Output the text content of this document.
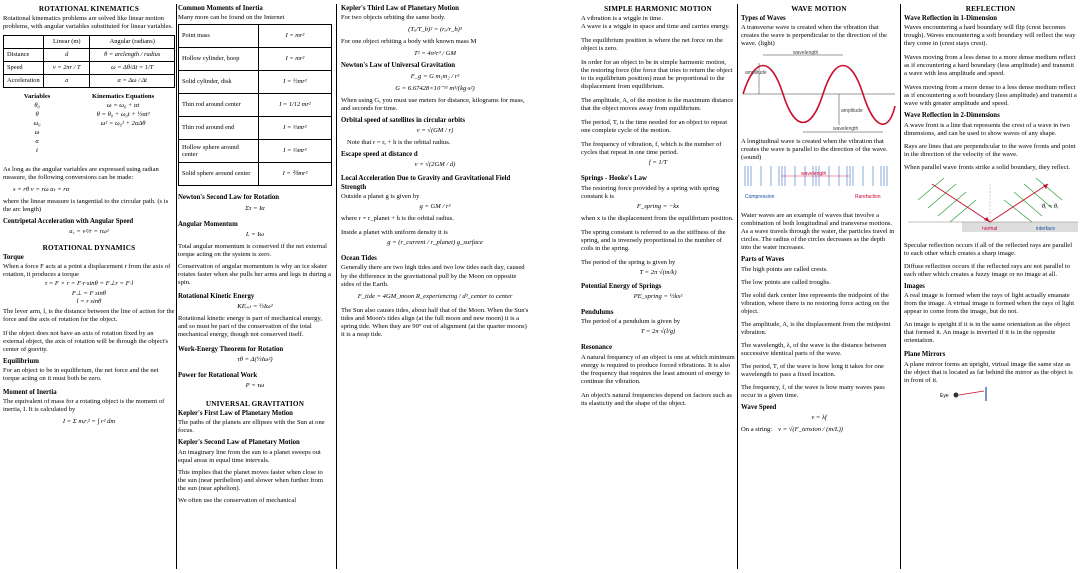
ROTATIONAL KINEMATICS

Rotational kinematics problems are solved like linear motion problems, with angular variables substituted for linear variables.

	Linear (m)	Angular (radians)
Distance	d	θ = arclength / radius
Speed	v = 2πr / T	ω = Δθ/Δt = 1/T
Acceleration	a	α = Δω / Δt
Variables
θ₀
θ
ω₀
ω
α
t
Kinematics Equations
ω = ω₀ + αt
θ = θ₀ + ω₀t + ½αt²
ω² = ω₀² + 2αΔθ

As long as the angular variables are expressed using radian measure, the following conversions can be made:

s = rθ v = rω aₜ = rα

where the linear measure is tangential to the circular path. (s is the arc length)

Centripetal Acceleration with Angular Speed
a꜀ = v²/r = rω²
ROTATIONAL DYNAMICS
Torque

When a force F acts at a point a displacement r from the axis of rotation, it produces a torque

τ = F × r = F·r·sinθ = F⊥r = F·l
F⊥ = F sinθ
l = r sinθ

The lever arm, l, is the distance between the line of action for the force and the axis of rotation for the object.

If the object does not have an axis of rotation fixed by an external object, the axis of rotation will be through the object's center of gravity.

Equilibrium

For an object to be in equilibrium, the net force and the net torque acting on it must both be zero.

Moment of Inertia

The equivalent of mass for a rotating object is the moment of inertia, I. It is calculated by

I = Σ mᵢrᵢ² = ∫ r² dm
Common Moments of Inertia
Many more can be found on the Internet
Point mass	I = mr²
Hollow cylinder, hoop	I = mr²
Solid cylinder, disk	I = ½mr²
Thin rod around center	I = 1/12 mr²
Thin rod around end	I = ⅓mr²
Hollow sphere around center	I = ⅔mr²
Solid sphere around center	I = ⅖mr²
Newton's Second Law for Rotation
Στ = Iα
Angular Momentum
L = Iω

Total angular momentum is conserved if the net external torque acting on the system is zero.

Conservation of angular momentum is why an ice skater rotates faster when she pulls her arms and legs in during a spin.

Rotational Kinetic Energy
KEᵣₒₜ = ½Iω²

Rotational kinetic energy is part of mechanical energy, and so must be part of the conservation of the total mechanical energy, though not conserved itself.

Work-Energy Theorem for Rotation
τθ = Δ(½Iω²)
Power for Rotational Work
P = τω
UNIVERSAL GRAVITATION
Kepler's First Law of Planetary Motion

The paths of the planets are ellipses with the Sun at one focus.

Kepler's Second Law of Planetary Motion

An imaginary line from the sun to a planet sweeps out equal areas in equal time intervals.

This implies that the planet moves faster when close to the sun (near perihelion) and slower when further from the sun (near aphelion).

We often use the conservation of mechanical

Kepler's Third Law of Planetary Motion

For two objects orbiting the same body.

(Tₐ/T_b)² = (rₐ/r_b)³

For one object orbiting a body with known mass M

T² = 4π²r³ / GM
Newton's Law of Universal Gravitation
F_g = G m₁m₂ / r²
G = 6.67428×10⁻¹¹ m³/(kg·s²)

When using G, you must use meters for distance, kilograms for mass, and seconds for time.

Orbital speed of satellites in circular orbits
v = √(GM / r)
Note that r = rₑ + h is the orbital radius.
Escape speed at distance d
v = √(2GM / d)
Local Acceleration Due to Gravity and Gravitational Field Strength

Outside a planet g is given by

g = GM / r²

where r = r_planet + h is the orbital radius.

Inside a planet with uniform density it is

g = (r_current / r_planet) g_surface
Ocean Tides

Generally there are two high tides and two low tides each day, caused by the difference in the gravitational pull by the Moon on opposite sides of the Earth.

F_tide = 4GM_moon R_experiencing / d³_center to center

The Sun also causes tides, about half that of the Moon. When the Sun's tides and Moon's tides align (at the full moon and new moon) it is a spring tide. When they are 90° out of alignment (at the quarter moons) it is a neap tide.

SIMPLE HARMONIC MOTION

A vibration is a wiggle in time.

A wave is a wiggle in space and time and carries energy.

The equilibrium position is where the net force on the object is zero.

In order for an object to be in simple harmonic motion, the restoring force (the force that tries to return the object to its equilibrium position) must be proportional to the displacement from equilibrium.

The amplitude, A, of the motion is the maximum distance that the object moves away from equilibrium.

The period, T, is the time needed for an object to repeat one complete cycle of the motion.

The frequency of vibration, f, which is the number of cycles that repeat in one time period.

f = 1/T
Springs - Hooke's Law

The restoring force provided by a spring with spring constant k is

F_spring = −kx

when x is the displacement from the equilibrium position.

The spring constant is referred to as the stiffness of the spring, and is inversely proportional to the number of coils in the spring.

The period of the spring is given by

T = 2π √(m/k)
Potential Energy of Springs
PE_spring = ½kx²
Pendulums

The period of a pendulum is given by

T = 2π √(l/g)
Resonance

A natural frequency of an object is one at which minimum energy is required to produce forced vibrations. It is also the frequency that requires the least amount of energy to continue the vibration.

An object's natural frequencies depend on factors such as its elasticity and the shape of the object.

WAVE MOTION
Types of Waves

A transverse wave is created when the vibration that creates the wave is perpendicular to the direction of the wave. (light)

wavelength
amplitude
amplitude
wavelength

A longitudinal wave is created when the vibration that creates the wave is parallel to the direction of the wave. (sound)

wavelength
Compression	Rarefaction

Water waves are an example of waves that involve a combination of both longitudinal and transverse motions. As a wave travels through the water, the particles travel in circles. The radius of the circles decreases as the depth into the water increases.

Parts of Waves

The high points are called crests.

The low points are called troughs.

The solid dark center line represents the midpoint of the vibration, where there is no restoring force acting on the object.

The amplitude, A, is the displacement from the midpoint vibration.

The wavelength, λ, of the wave is the distance between successive identical parts of the wave.

The period, T, of the wave is how long it takes for one wavelength to pass a fixed location.

The frequency, f, of the wave is how many waves pass occur in a given time.

Wave Speed
v = λf
On a string: v = √(F_tension / (m/L))
REFLECTION
Wave Reflection in 1-Dimension

Waves encountering a hard boundary will flip (crest becomes trough). Waves encountering a soft boundary will reflect the way they come in (crest stays crest).

Waves moving from a less dense to a more dense medium reflect as if encountering a hard boundary (less amplitude) and transmit a wave with less amplitude and speed.

Waves moving from a more dense to a less dense medium reflect as if encountering a soft boundary (less amplitude) and transmit a wave with greater amplitude and speed.

Wave Reflection in 2-Dimensions

A wave front is a line that represents the crest of a wave in two dimensions, and can be used to show waves of any shape.

Rays are lines that are perpendicular to the wave fronts and point in the direction of the velocity of the wave.

When parallel wave fronts strike a solid boundary, they reflect.

θᵢ = θᵣ
normal	interface

Specular reflection occurs if all of the reflected rays are parallel to each other which creates a sharp image.

Diffuse reflection occurs if the reflected rays are not parallel to each other which creates a fuzzy image or no image at all.

Images

A real image is formed when the rays of light actually emanate from the image. A virtual image is formed when the rays of light appear to come from the image, but do not.

An image is upright if it is in the same orientation as the object that formed it. An image is inverted if it is in the opposite orientation.

Plane Mirrors

A plane mirror forms an upright, virtual image the same size as the object that is located as far behind the mirror as the object is in front of it.

Eye
